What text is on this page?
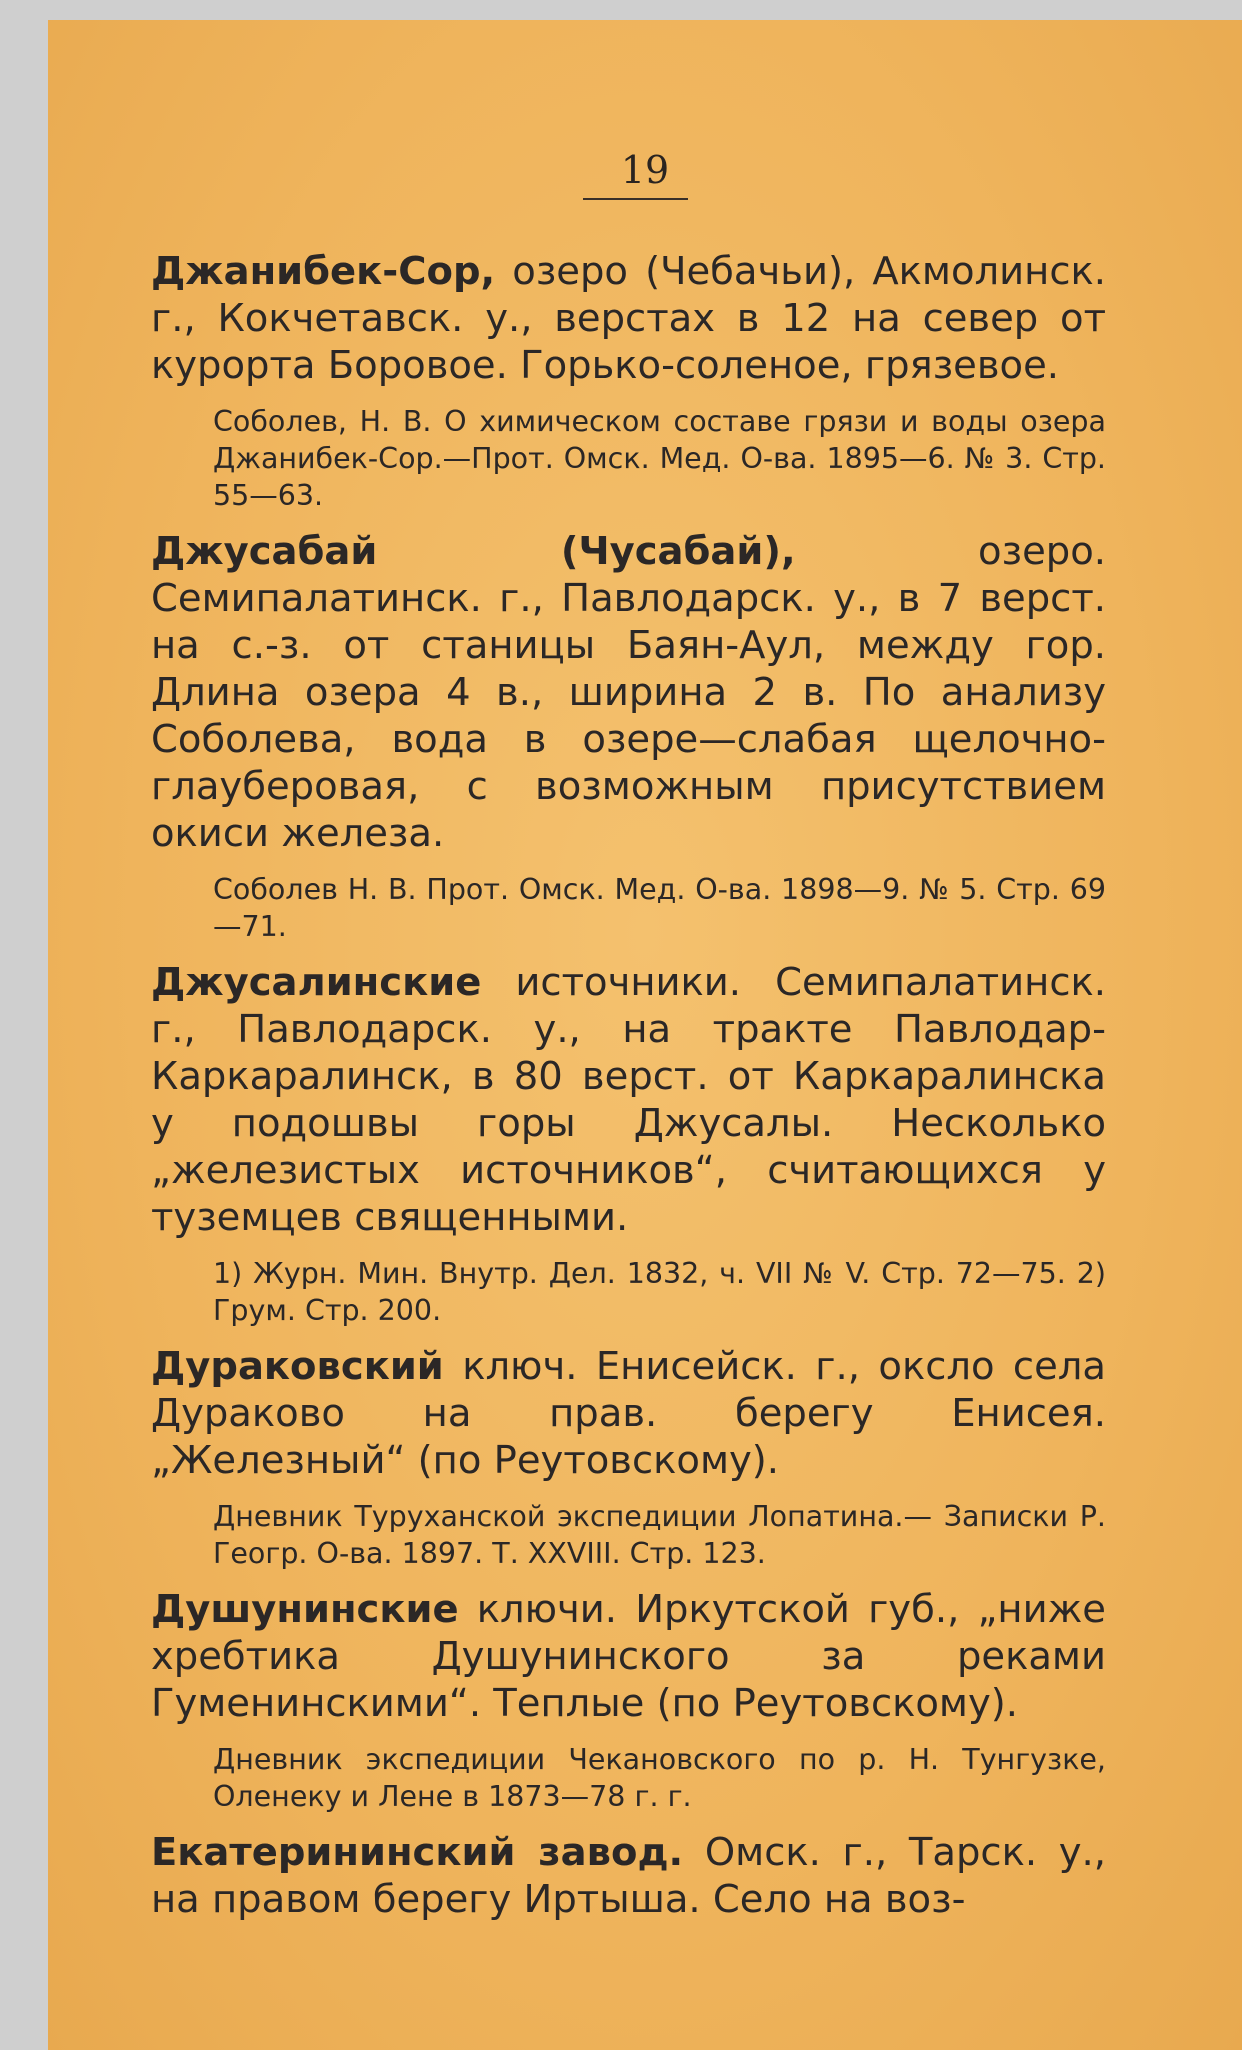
19

Джанибек-Сор, озеро (Чебачьи), Акмолинск. г., Кокчетавск. у., верстах в 12 на север от курорта Боровое. Горько-соленое, грязевое.

Соболев, Н. В. О химическом составе грязи и воды озера Джанибек-Сор.—Прот. Омск. Мед. О-ва. 1895—6. № 3. Стр. 55—63.

Джусабай (Чусабай),	озеро. Семипалатинск. г., Павлодарск. у., в 7 верст. на с.-з. от станицы Баян-Аул, между гор. Длина озера 4 в., ширина 2 в. По анализу Соболева, вода в озере—слабая щелочно-глауберовая, с возможным присутствием окиси железа.

Соболев Н. В. Прот. Омск. Мед. О-ва. 1898—9. № 5. Стр. 69—71.

Джусалинские источники. Семипалатинск. г., Павлодарск. у., на тракте Павлодар-Каркаралинск, в 80 верст. от Каркаралинска у подошвы горы Джусалы. Несколько „железистых источников“, считающихся у туземцев священными.

1) Журн. Мин. Внутр. Дел. 1832, ч. VII № V. Стр. 72—75. 2) Грум. Стр. 200.

Дураковский ключ. Енисейск. г., оксло села Дураково на прав. берегу Енисея. „Железный“ (по Реутовскому).

Дневник Туруханской экспедиции Лопатина.— Записки Р. Геогр. О-ва. 1897. Т. XXVIII. Стр. 123.

Душунинские ключи. Иркутской губ., „ниже хребтика Душунинского за реками Гуменинскими“. Теплые (по Реутовскому).

Дневник экспедиции Чекановского по р. Н. Тунгузке, Оленеку и Лене в 1873—78 г. г.

Екатерининский завод. Омск. г., Тарск. у., на правом берегу Иртыша. Село на воз-
